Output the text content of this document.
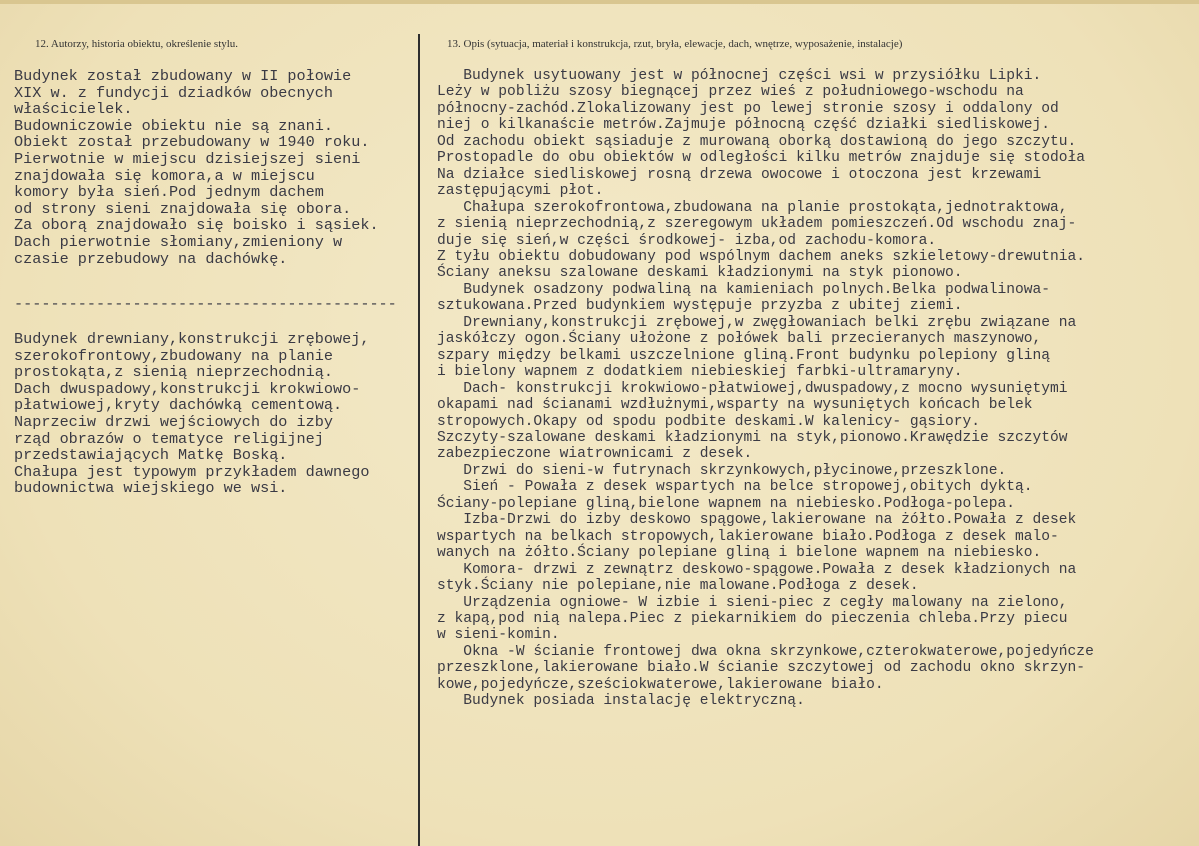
12. Autorzy, historia obiektu, określenie stylu.	13. Opis (sytuacja, materiał i konstrukcja, rzut, bryła, elewacje, dach, wnętrze, wyposażenie, instalacje)
Budynek został zbudowany w II połowie
XIX w. z fundycji dziadków obecnych
właścicielek.
Budowniczowie obiektu nie są znani.
Obiekt został przebudowany w 1940 roku.
Pierwotnie w miejscu dzisiejszej sieni
znajdowała się komora,a w miejscu
komory była sień.Pod jednym dachem
od strony sieni znajdowała się obora.
Za oborą znajdowało się boisko i sąsiek.
Dach pierwotnie słomiany,zmieniony w
czasie przebudowy na dachówkę.
------------------------------------------
Budynek drewniany,konstrukcji zrębowej,
szerokofrontowy,zbudowany na planie
prostokąta,z sienią nieprzechodnią.
Dach dwuspadowy,konstrukcji krokwiowo-
płatwiowej,kryty dachówką cementową.
Naprzeciw drzwi wejściowych do izby
rząd obrazów o tematyce religijnej
przedstawiających Matkę Boską.
Chałupa jest typowym przykładem dawnego
budownictwa wiejskiego we wsi.
Budynek usytuowany jest w północnej części wsi w przysiółku Lipki.
Leży w pobliżu szosy biegnącej przez wieś z południowego-wschodu na
północny-zachód.Zlokalizowany jest po lewej stronie szosy i oddalony od
niej o kilkanaście metrów.Zajmuje północną część działki siedliskowej.
Od zachodu obiekt sąsiaduje z murowaną oborką dostawioną do jego szczytu.
Prostopadle do obu obiektów w odległości kilku metrów znajduje się stodoła
Na działce siedliskowej rosną drzewa owocowe i otoczona jest krzewami
zastępującymi płot.
Chałupa szerokofrontowa,zbudowana na planie prostokąta,jednotraktowa,
z sienią nieprzechodnią,z szeregowym układem pomieszczeń.Od wschodu znaj-
duje się sień,w części środkowej- izba,od zachodu-komora.
Z tyłu obiektu dobudowany pod wspólnym dachem aneks szkieletowy-drewutnia.
Ściany aneksu szalowane deskami kładzionymi na styk pionowo.
Budynek osadzony podwaliną na kamieniach polnych.Belka podwalinowa-
sztukowana.Przed budynkiem występuje przyzba z ubitej ziemi.
Drewniany,konstrukcji zrębowej,w zwęgłowaniach belki zrębu związane na
jaskółczy ogon.Ściany ułożone z połówek bali przecieranych maszynowo,
szpary między belkami uszczelnione gliną.Front budynku polepiony gliną
i bielony wapnem z dodatkiem niebieskiej farbki-ultramaryny.
Dach- konstrukcji krokwiowo-płatwiowej,dwuspadowy,z mocno wysuniętymi
okapami nad ścianami wzdłużnymi,wsparty na wysuniętych końcach belek
stropowych.Okapy od spodu podbite deskami.W kalenicy- gąsiory.
Szczyty-szalowane deskami kładzionymi na styk,pionowo.Krawędzie szczytów
zabezpieczone wiatrownicami z desek.
Drzwi do sieni-w futrynach skrzynkowych,płycinowe,przeszklone.
Sień - Powała z desek wspartych na belce stropowej,obitych dyktą.
Ściany-polepiane gliną,bielone wapnem na niebiesko.Podłoga-polepa.
Izba-Drzwi do izby deskowo spągowe,lakierowane na żółto.Powała z desek
wspartych na belkach stropowych,lakierowane biało.Podłoga z desek malo-
wanych na żółto.Ściany polepiane gliną i bielone wapnem na niebiesko.
Komora- drzwi z zewnątrz deskowo-spągowe.Powała z desek kładzionych na
styk.Ściany nie polepiane,nie malowane.Podłoga z desek.
Urządzenia ogniowe- W izbie i sieni-piec z cegły malowany na zielono,
z kapą,pod nią nalepa.Piec z piekarnikiem do pieczenia chleba.Przy piecu
w sieni-komin.
Okna -W ścianie frontowej dwa okna skrzynkowe,czterokwaterowe,pojedyńcze
przeszklone,lakierowane biało.W ścianie szczytowej od zachodu okno skrzyn-
kowe,pojedyńcze,sześciokwaterowe,lakierowane biało.
Budynek posiada instalację elektryczną.
